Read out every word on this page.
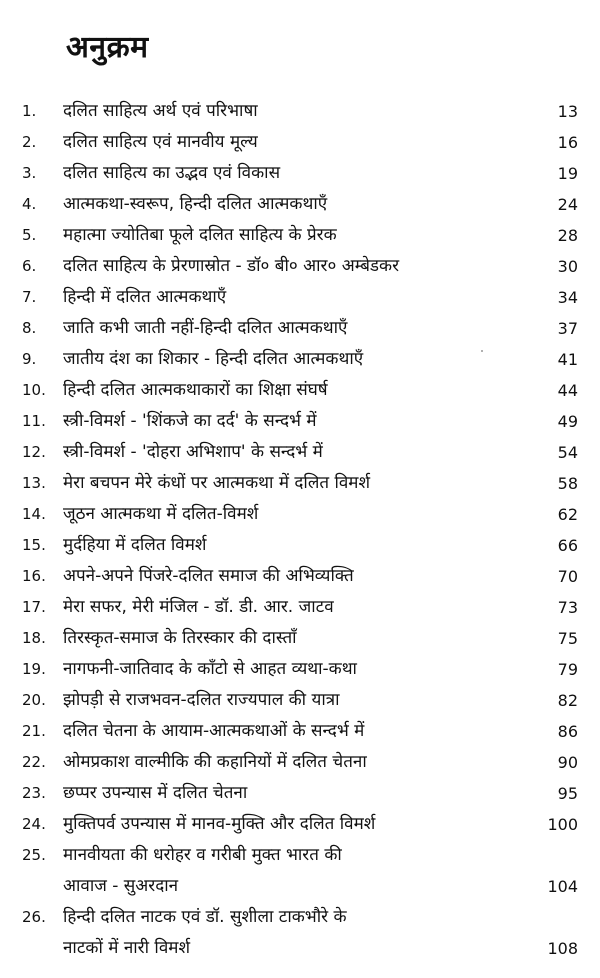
अनुक्रम
1.	दलित साहित्य अर्थ एवं परिभाषा	13
2.	दलित साहित्य एवं मानवीय मूल्य	16
3.	दलित साहित्य का उद्भव एवं विकास	19
4.	आत्मकथा-स्वरूप, हिन्दी दलित आत्मकथाएँ	24
5.	महात्मा ज्योतिबा फूले दलित साहित्य के प्रेरक	28
6.	दलित साहित्य के प्रेरणास्रोत - डॉ० बी० आर० अम्बेडकर	30
7.	हिन्दी में दलित आत्मकथाएँ	34
8.	जाति कभी जाती नहीं-हिन्दी दलित आत्मकथाएँ	37
9.	जातीय दंश का शिकार - हिन्दी दलित आत्मकथाएँ	41
10.	हिन्दी दलित आत्मकथाकारों का शिक्षा संघर्ष	44
11.	स्त्री-विमर्श - 'शिंकजे का दर्द' के सन्दर्भ में	49
12.	स्त्री-विमर्श - 'दोहरा अभिशाप' के सन्दर्भ में	54
13.	मेरा बचपन मेरे कंधों पर आत्मकथा में दलित विमर्श	58
14.	जूठन आत्मकथा में दलित-विमर्श	62
15.	मुर्दहिया में दलित विमर्श	66
16.	अपने-अपने पिंजरे-दलित समाज की अभिव्यक्ति	70
17.	मेरा सफर, मेरी मंजिल - डॉ. डी. आर. जाटव	73
18.	तिरस्कृत-समाज के तिरस्कार की दास्ताँ	75
19.	नागफनी-जातिवाद के काँटो से आहत व्यथा-कथा	79
20.	झोपड़ी से राजभवन-दलित राज्यपाल की यात्रा	82
21.	दलित चेतना के आयाम-आत्मकथाओं के सन्दर्भ में	86
22.	ओमप्रकाश वाल्मीकि की कहानियों में दलित चेतना	90
23.	छप्पर उपन्यास में दलित चेतना	95
24.	मुक्तिपर्व उपन्यास में मानव-मुक्ति और दलित विमर्श	100
25.	मानवीयता की धरोहर व गरीबी मुक्त भारत की
आवाज - सुअरदान	104
26.	हिन्दी दलित नाटक एवं डॉ. सुशीला टाकभौरे के
नाटकों में नारी विमर्श	108
